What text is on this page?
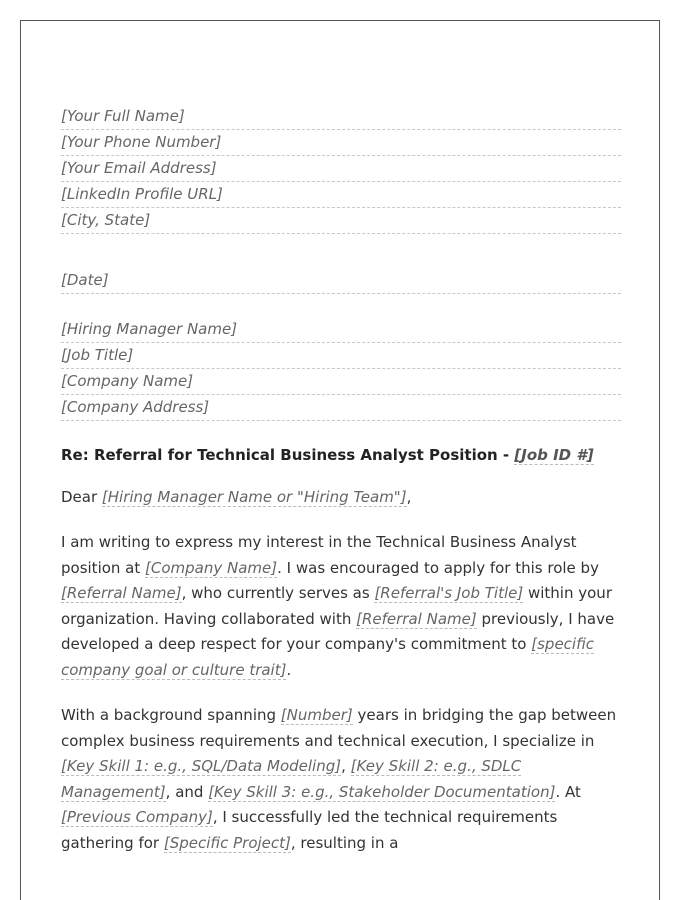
[Your Full Name]
[Your Phone Number]
[Your Email Address]
[LinkedIn Profile URL]
[City, State]
[Date]
[Hiring Manager Name]
[Job Title]
[Company Name]
[Company Address]
Re: Referral for Technical Business Analyst Position - [Job ID #]
Dear [Hiring Manager Name or "Hiring Team"],

I am writing to express my interest in the Technical Business Analyst position at [Company Name]. I was encouraged to apply for this role by [Referral Name], who currently serves as [Referral's Job Title] within your organization. Having collaborated with [Referral Name] previously, I have developed a deep respect for your company's commitment to [specific company goal or culture trait].

With a background spanning [Number] years in bridging the gap between complex business requirements and technical execution, I specialize in [Key Skill 1: e.g., SQL/Data Modeling], [Key Skill 2: e.g., SDLC Management], and [Key Skill 3: e.g., Stakeholder Documentation]. At [Previous Company], I successfully led the technical requirements gathering for [Specific Project], resulting in a
